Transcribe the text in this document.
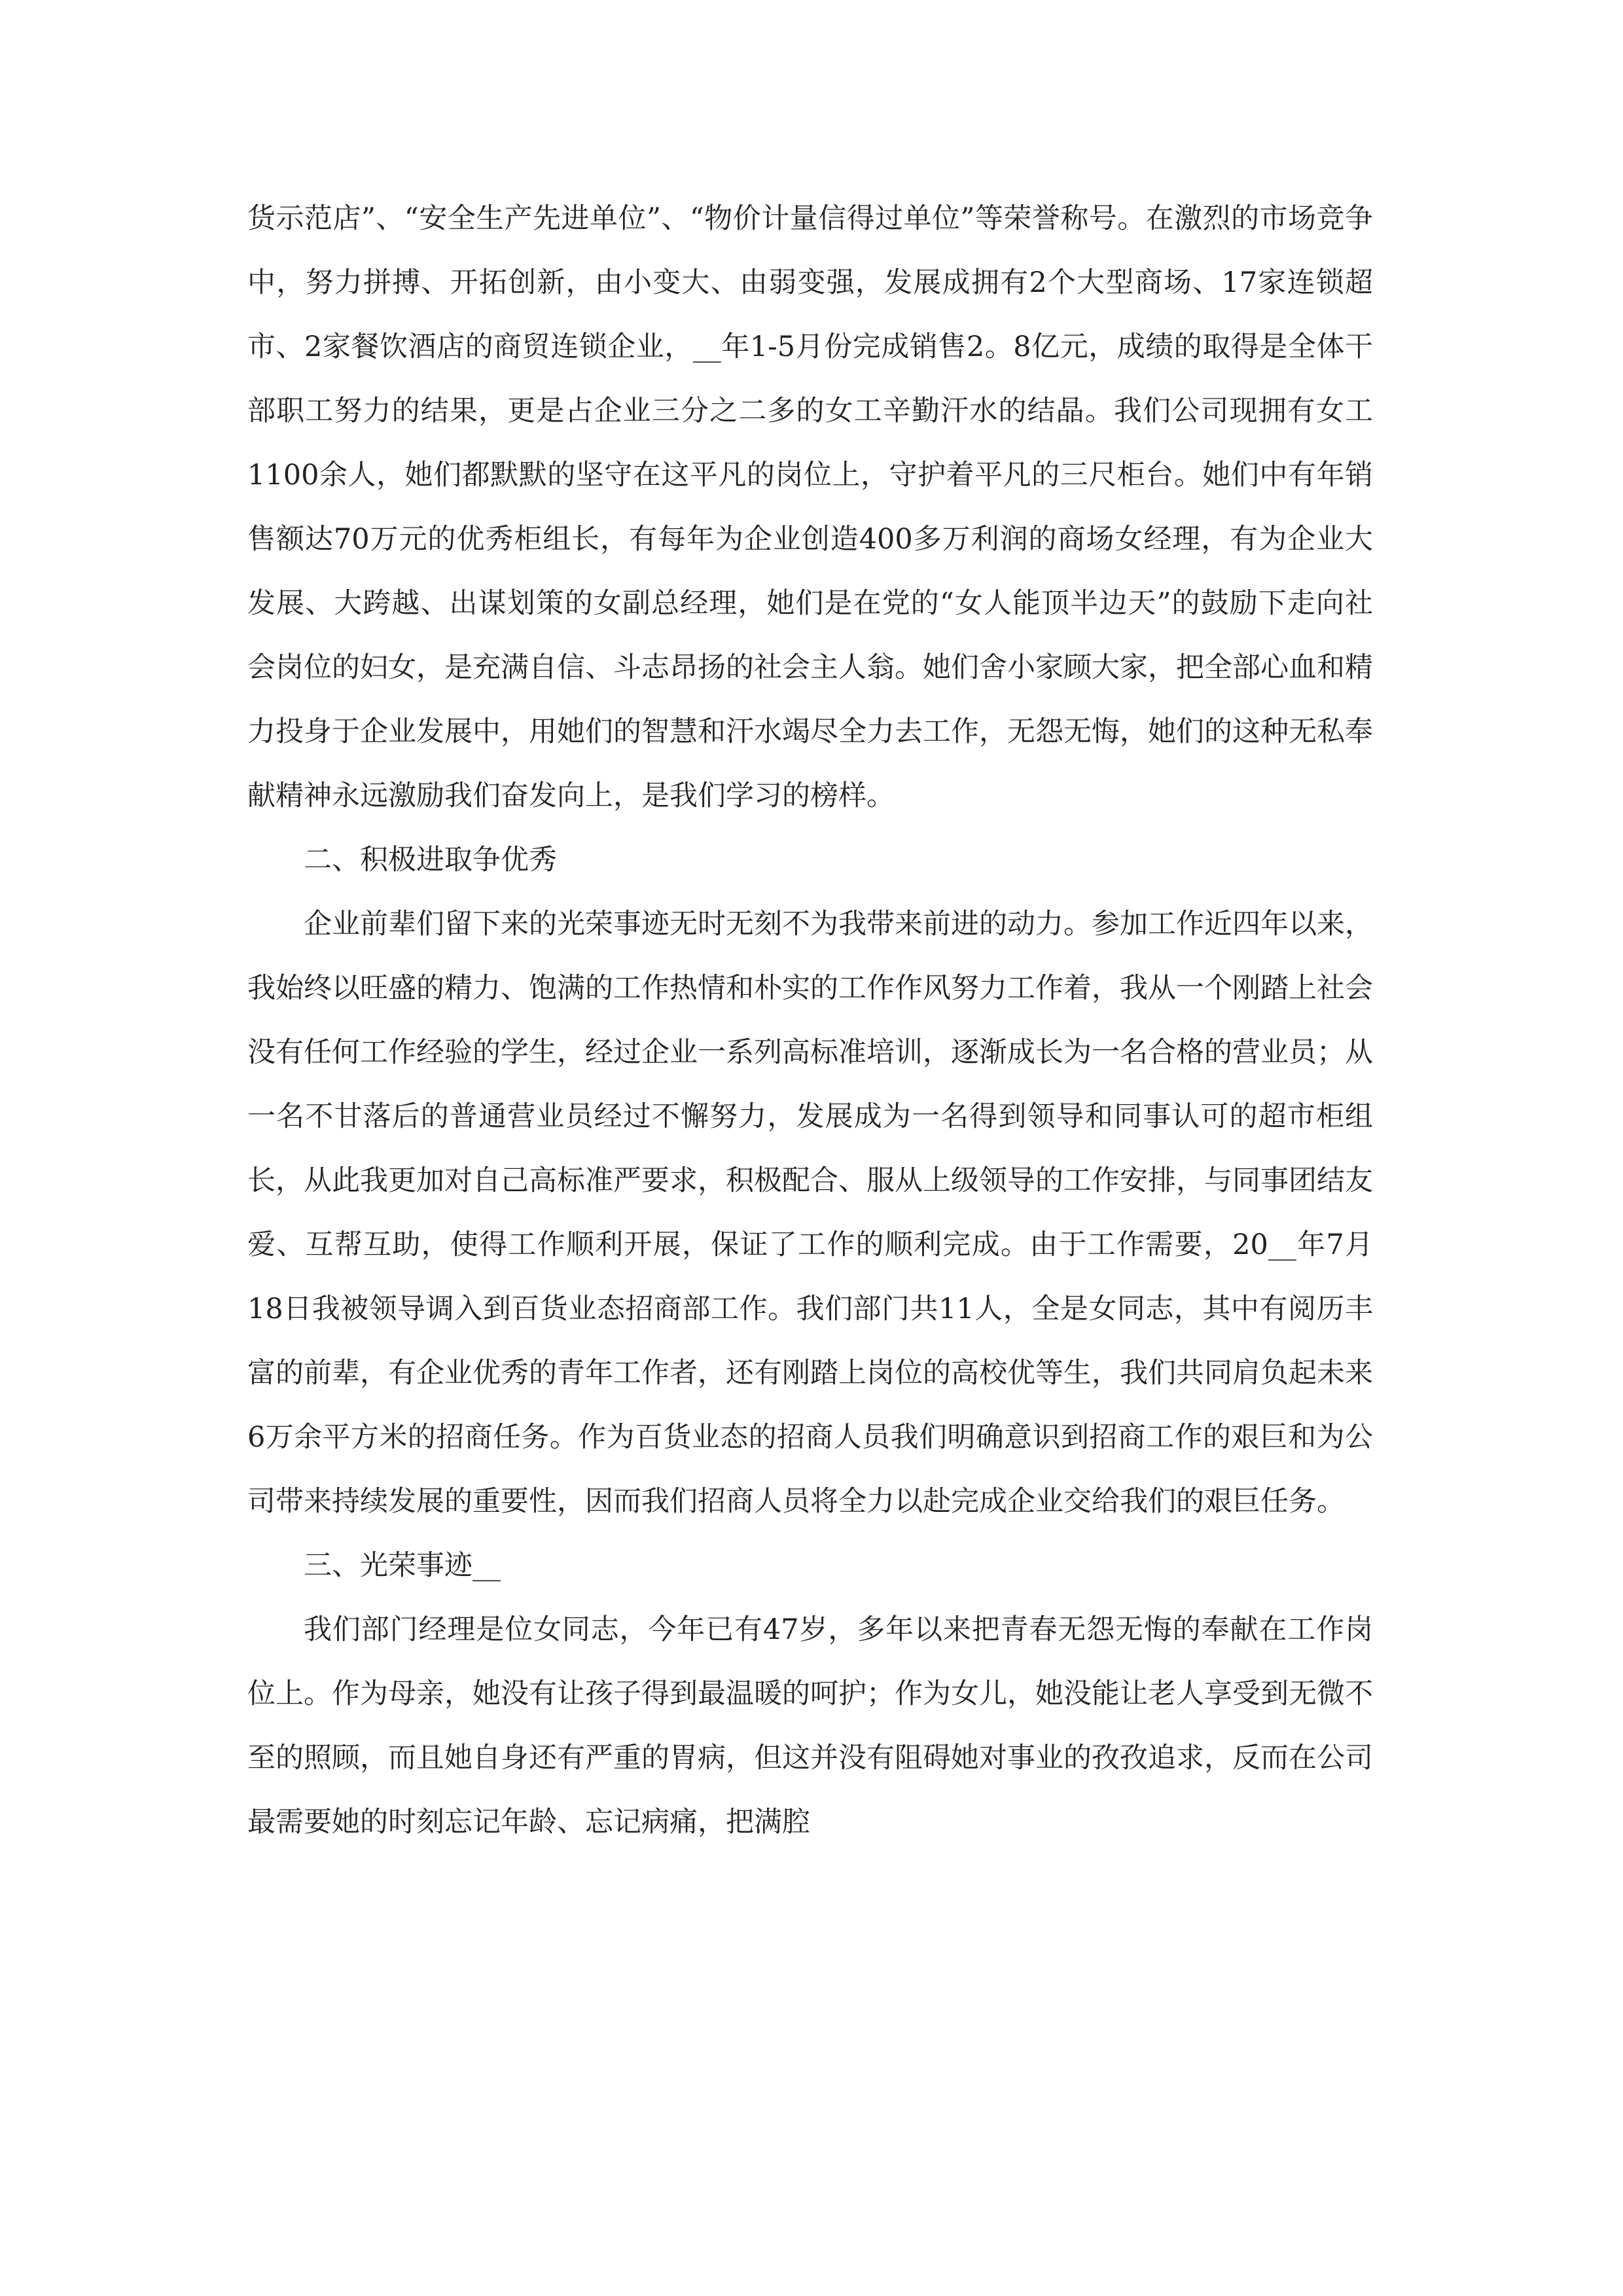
货示范店”、“安全生产先进单位”、“物价计量信得过单位”等荣誉称号。在激烈的市场竞争中，努力拼搏、开拓创新，由小变大、由弱变强，发展成拥有2个大型商场、17家连锁超市、2家餐饮酒店的商贸连锁企业，__年1-5月份完成销售2。8亿元，成绩的取得是全体干部职工努力的结果，更是占企业三分之二多的女工辛勤汗水的结晶。我们公司现拥有女工1100余人，她们都默默的坚守在这平凡的岗位上，守护着平凡的三尺柜台。她们中有年销售额达70万元的优秀柜组长，有每年为企业创造400多万利润的商场女经理，有为企业大发展、大跨越、出谋划策的女副总经理，她们是在党的“女人能顶半边天”的鼓励下走向社会岗位的妇女，是充满自信、斗志昂扬的社会主人翁。她们舍小家顾大家，把全部心血和精力投身于企业发展中，用她们的智慧和汗水竭尽全力去工作，无怨无悔，她们的这种无私奉献精神永远激励我们奋发向上，是我们学习的榜样。

二、积极进取争优秀

企业前辈们留下来的光荣事迹无时无刻不为我带来前进的动力。参加工作近四年以来，我始终以旺盛的精力、饱满的工作热情和朴实的工作作风努力工作着，我从一个刚踏上社会没有任何工作经验的学生，经过企业一系列高标准培训，逐渐成长为一名合格的营业员；从一名不甘落后的普通营业员经过不懈努力，发展成为一名得到领导和同事认可的超市柜组长，从此我更加对自己高标准严要求，积极配合、服从上级领导的工作安排，与同事团结友爱、互帮互助，使得工作顺利开展，保证了工作的顺利完成。由于工作需要，20__年7月18日我被领导调入到百货业态招商部工作。我们部门共11人，全是女同志，其中有阅历丰富的前辈，有企业优秀的青年工作者，还有刚踏上岗位的高校优等生，我们共同肩负起未来6万余平方米的招商任务。作为百货业态的招商人员我们明确意识到招商工作的艰巨和为公司带来持续发展的重要性，因而我们招商人员将全力以赴完成企业交给我们的艰巨任务。

三、光荣事迹__

我们部门经理是位女同志，今年已有47岁，多年以来把青春无怨无悔的奉献在工作岗位上。作为母亲，她没有让孩子得到最温暖的呵护；作为女儿，她没能让老人享受到无微不至的照顾，而且她自身还有严重的胃病，但这并没有阻碍她对事业的孜孜追求，反而在公司最需要她的时刻忘记年龄、忘记病痛，把满腔
